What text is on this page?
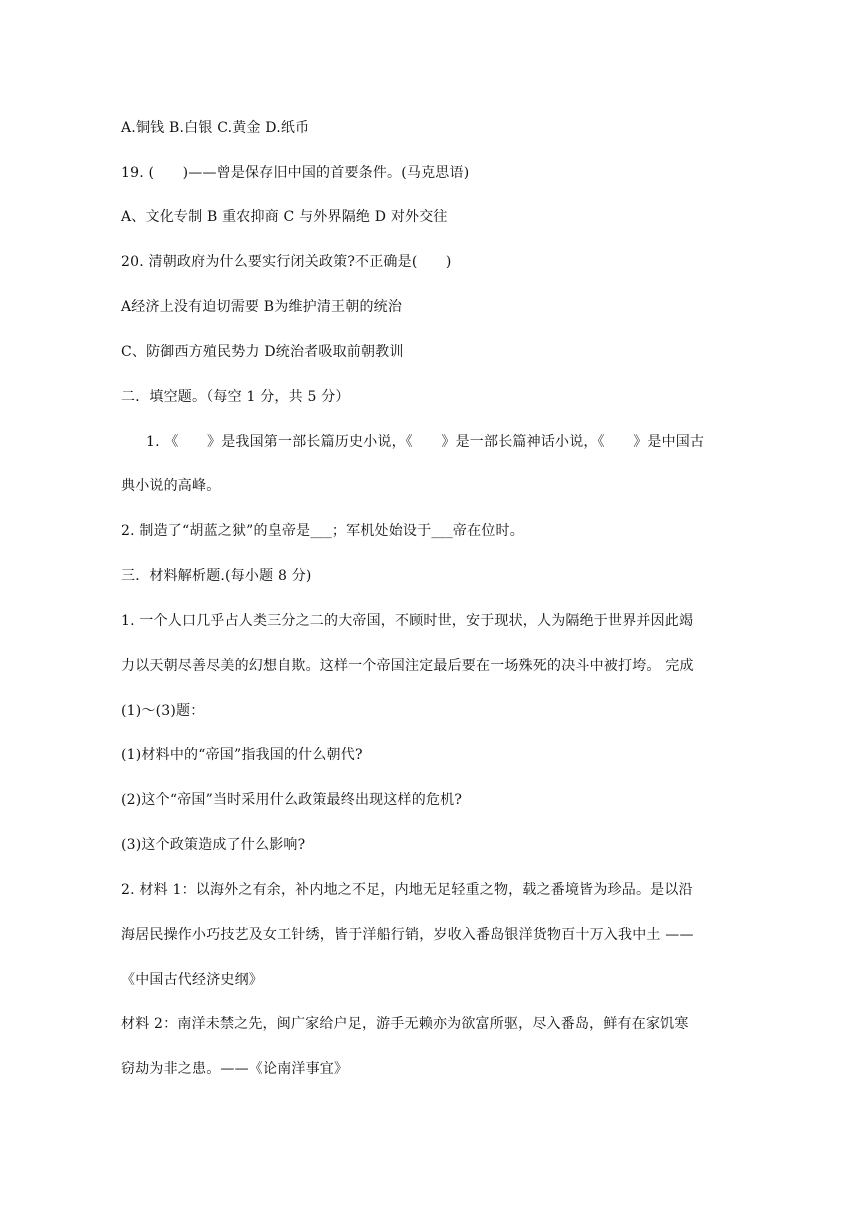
A.铜钱 B.白银 C.黄金 D.纸币
19. (　　)——曾是保存旧中国的首要条件。(马克思语)
A、文化专制 B 重农抑商 C 与外界隔绝 D 对外交往
20. 清朝政府为什么要实行闭关政策?不正确是(　　)
A经济上没有迫切需要 B为维护清王朝的统治
C、防御西方殖民势力 D统治者吸取前朝教训
二．填空题。（每空 1 分，共 5 分）
1. 《　　》是我国第一部长篇历史小说，《　　》是一部长篇神话小说，《　　》是中国古
典小说的高峰。
2. 制造了“胡蓝之狱”的皇帝是___；军机处始设于___帝在位时。
三．材料解析题.(每小题 8 分)
1. 一个人口几乎占人类三分之二的大帝国，不顾时世，安于现状，人为隔绝于世界并因此竭
力以天朝尽善尽美的幻想自欺。这样一个帝国注定最后要在一场殊死的决斗中被打垮。 完成
(1)～(3)题：
(1)材料中的“帝国”指我国的什么朝代?
(2)这个“帝国”当时采用什么政策最终出现这样的危机?
(3)这个政策造成了什么影响?
2. 材料 1：以海外之有余，补内地之不足，内地无足轻重之物，载之番境皆为珍品。是以沿
海居民操作小巧技艺及女工针绣，皆于洋船行销，岁收入番岛银洋货物百十万入我中土 ——
《中国古代经济史纲》
材料 2：南洋未禁之先，闽广家给户足，游手无赖亦为欲富所驱，尽入番岛，鲜有在家饥寒
窃劫为非之患。——《论南洋事宜》
